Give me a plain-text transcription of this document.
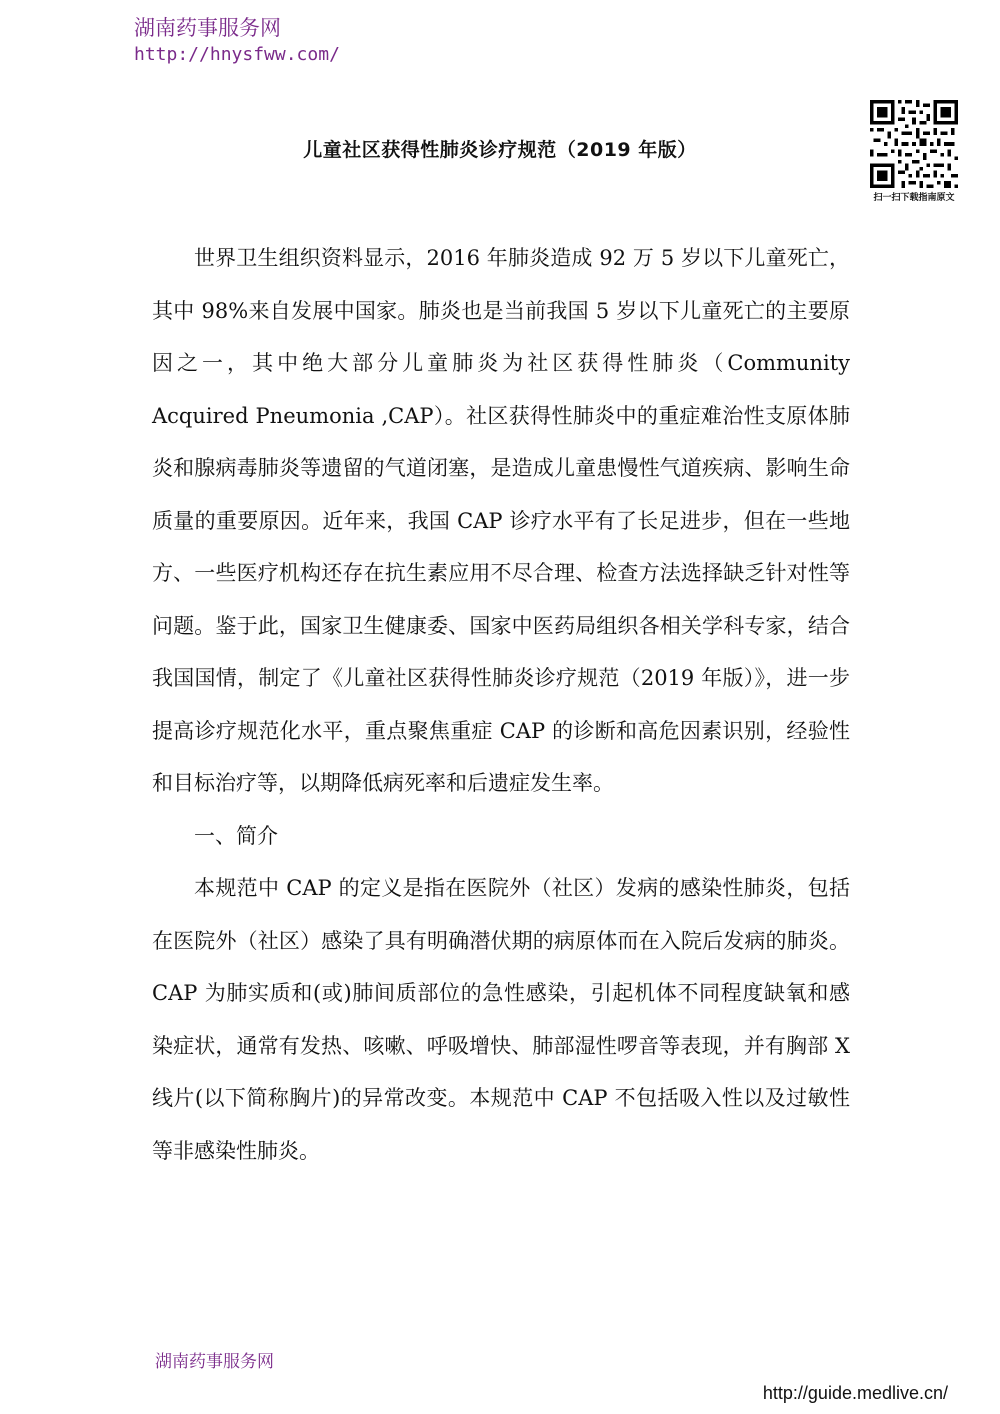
湖南药事服务网
http://hnysfww.com/
扫一扫下载指南原文
儿童社区获得性肺炎诊疗规范（2019 年版）

世界卫生组织资料显示，2016 年肺炎造成 92 万 5 岁以下儿童死亡，其中 98%来自发展中国家。肺炎也是当前我国 5 岁以下儿童死亡的主要原因之一，其中绝大部分儿童肺炎为社区获得性肺炎（Community Acquired Pneumonia ,CAP）。社区获得性肺炎中的重症难治性支原体肺炎和腺病毒肺炎等遗留的气道闭塞，是造成儿童患慢性气道疾病、影响生命质量的重要原因。近年来，我国 CAP 诊疗水平有了长足进步，但在一些地方、一些医疗机构还存在抗生素应用不尽合理、检查方法选择缺乏针对性等问题。鉴于此，国家卫生健康委、国家中医药局组织各相关学科专家，结合我国国情，制定了《儿童社区获得性肺炎诊疗规范（2019 年版）》，进一步提高诊疗规范化水平，重点聚焦重症 CAP 的诊断和高危因素识别，经验性和目标治疗等，以期降低病死率和后遗症发生率。

一、简介

本规范中 CAP 的定义是指在医院外（社区）发病的感染性肺炎，包括在医院外（社区）感染了具有明确潜伏期的病原体而在入院后发病的肺炎。CAP 为肺实质和(或)肺间质部位的急性感染，引起机体不同程度缺氧和感染症状，通常有发热、咳嗽、呼吸增快、肺部湿性啰音等表现，并有胸部 X 线片(以下简称胸片)的异常改变。本规范中 CAP 不包括吸入性以及过敏性等非感染性肺炎。

湖南药事服务网
http://guide.medlive.cn/
